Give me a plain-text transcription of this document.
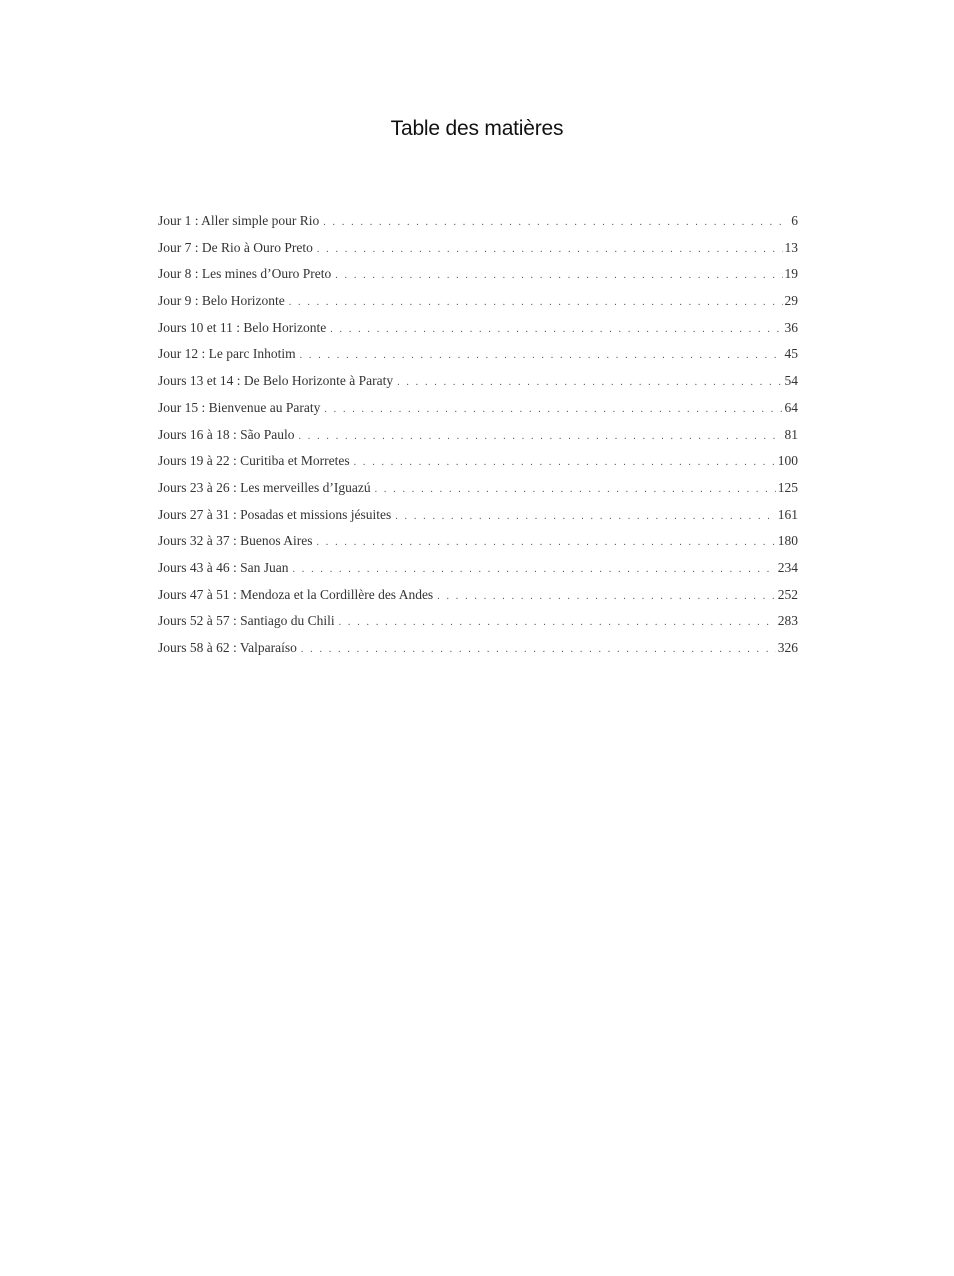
Table des matières
Jour 1 : Aller simple pour Rio . . .	6
Jour 7 : De Rio à Ouro Preto . . .	13
Jour 8 : Les mines d’Ouro Preto . . .	19
Jour 9 : Belo Horizonte . . .	29
Jours 10 et 11 : Belo Horizonte . . .	36
Jour 12 : Le parc Inhotim . . .	45
Jours 13 et 14 : De Belo Horizonte à Paraty . . .	54
Jour 15 : Bienvenue au Paraty . . .	64
Jours 16 à 18 : São Paulo . . .	81
Jours 19 à 22 : Curitiba et Morretes . . .	100
Jours 23 à 26 : Les merveilles d’Iguazú . . .	125
Jours 27 à 31 : Posadas et missions jésuites . . .	161
Jours 32 à 37 : Buenos Aires . . .	180
Jours 43 à 46 : San Juan . . .	234
Jours 47 à 51 : Mendoza et la Cordillère des Andes . . .	252
Jours 52 à 57 : Santiago du Chili . . .	283
Jours 58 à 62 : Valparaíso . . .	326
